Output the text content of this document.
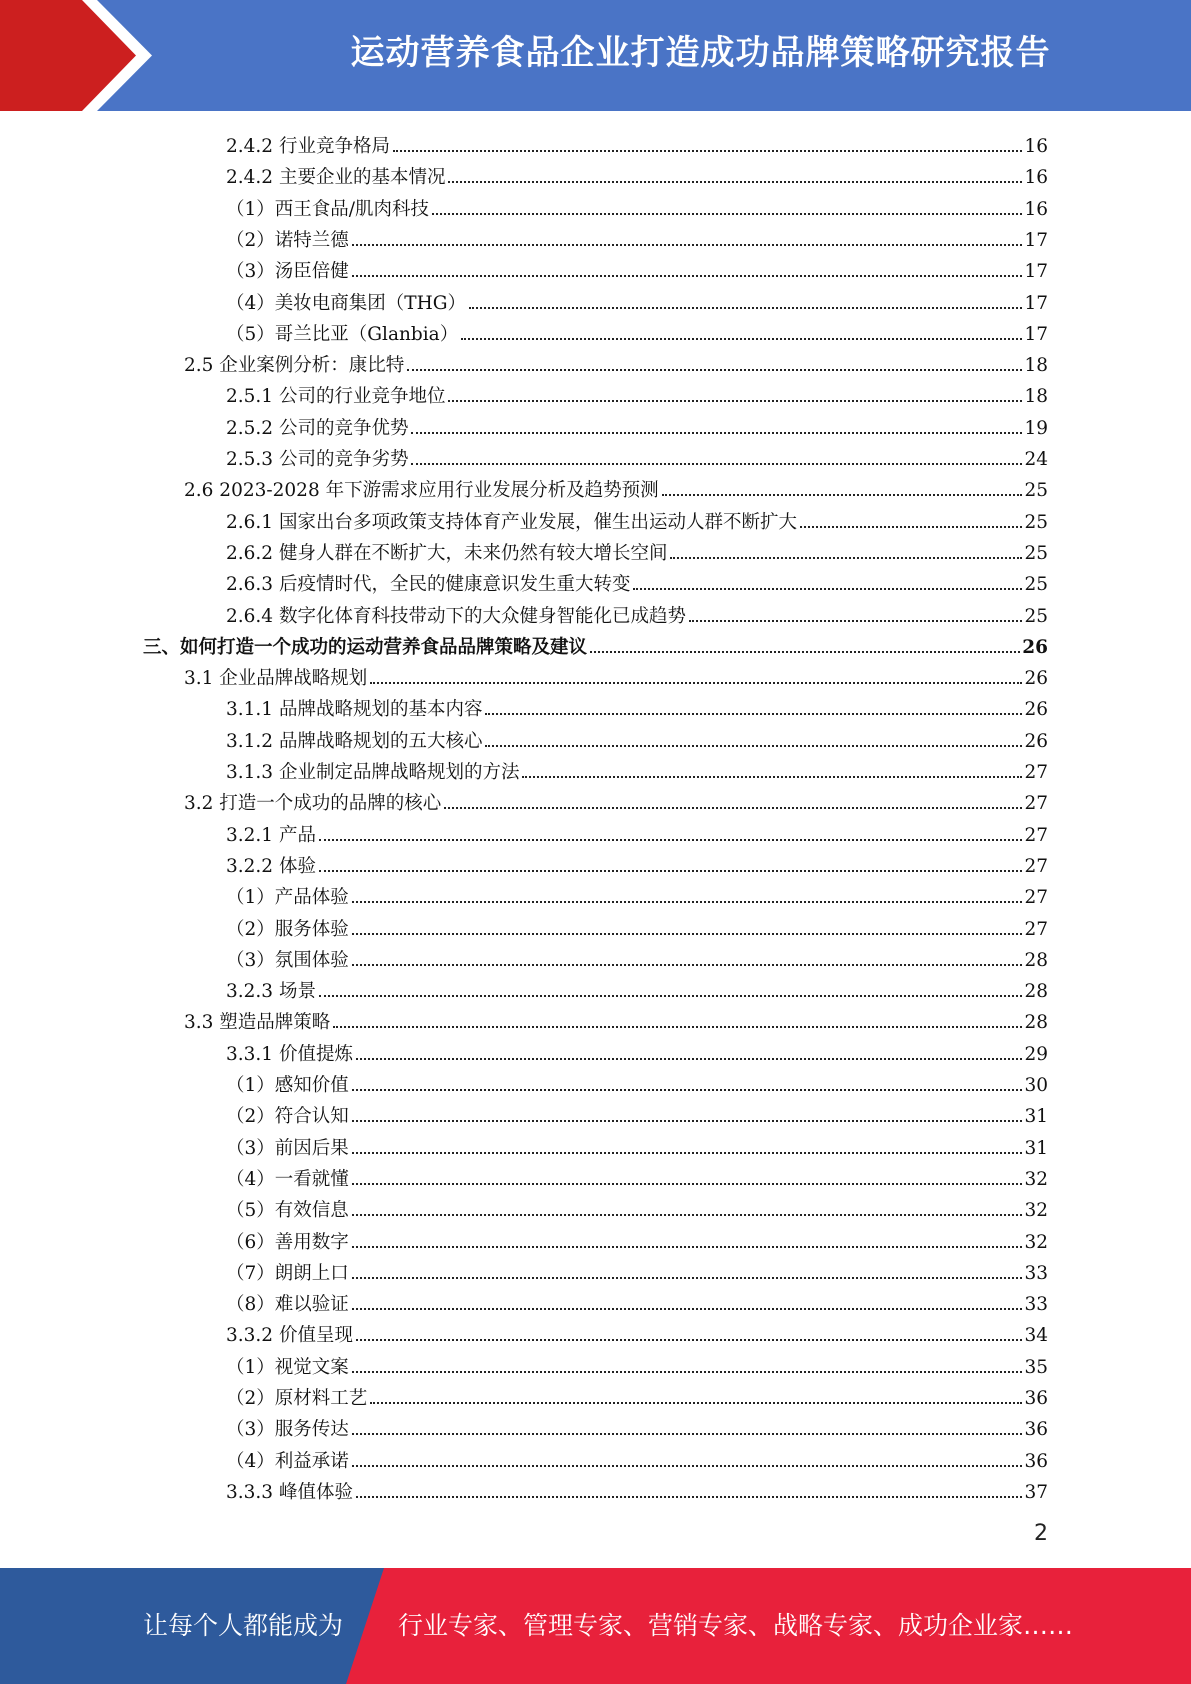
运动营养食品企业打造成功品牌策略研究报告
2.4.2 行业竞争格局	16
2.4.2 主要企业的基本情况	16
（1）西王食品/肌肉科技	16
（2）诺特兰德	17
（3）汤臣倍健	17
（4）美妆电商集团（THG）	17
（5）哥兰比亚（Glanbia）	17
2.5 企业案例分析：康比特	18
2.5.1 公司的行业竞争地位	18
2.5.2 公司的竞争优势	19
2.5.3 公司的竞争劣势	24
2.6 2023-2028 年下游需求应用行业发展分析及趋势预测	25
2.6.1 国家出台多项政策支持体育产业发展，催生出运动人群不断扩大	25
2.6.2 健身人群在不断扩大，未来仍然有较大增长空间	25
2.6.3 后疫情时代，全民的健康意识发生重大转变	25
2.6.4 数字化体育科技带动下的大众健身智能化已成趋势	25
三、如何打造一个成功的运动营养食品品牌策略及建议	26
3.1 企业品牌战略规划	26
3.1.1 品牌战略规划的基本内容	26
3.1.2 品牌战略规划的五大核心	26
3.1.3 企业制定品牌战略规划的方法	27
3.2 打造一个成功的品牌的核心	27
3.2.1 产品	27
3.2.2 体验	27
（1）产品体验	27
（2）服务体验	27
（3）氛围体验	28
3.2.3 场景	28
3.3 塑造品牌策略	28
3.3.1 价值提炼	29
（1）感知价值	30
（2）符合认知	31
（3）前因后果	31
（4）一看就懂	32
（5）有效信息	32
（6）善用数字	32
（7）朗朗上口	33
（8）难以验证	33
3.3.2 价值呈现	34
（1）视觉文案	35
（2）原材料工艺	36
（3）服务传达	36
（4）利益承诺	36
3.3.3 峰值体验	37
2
让每个人都能成为 行业专家、管理专家、营销专家、战略专家、成功企业家……
